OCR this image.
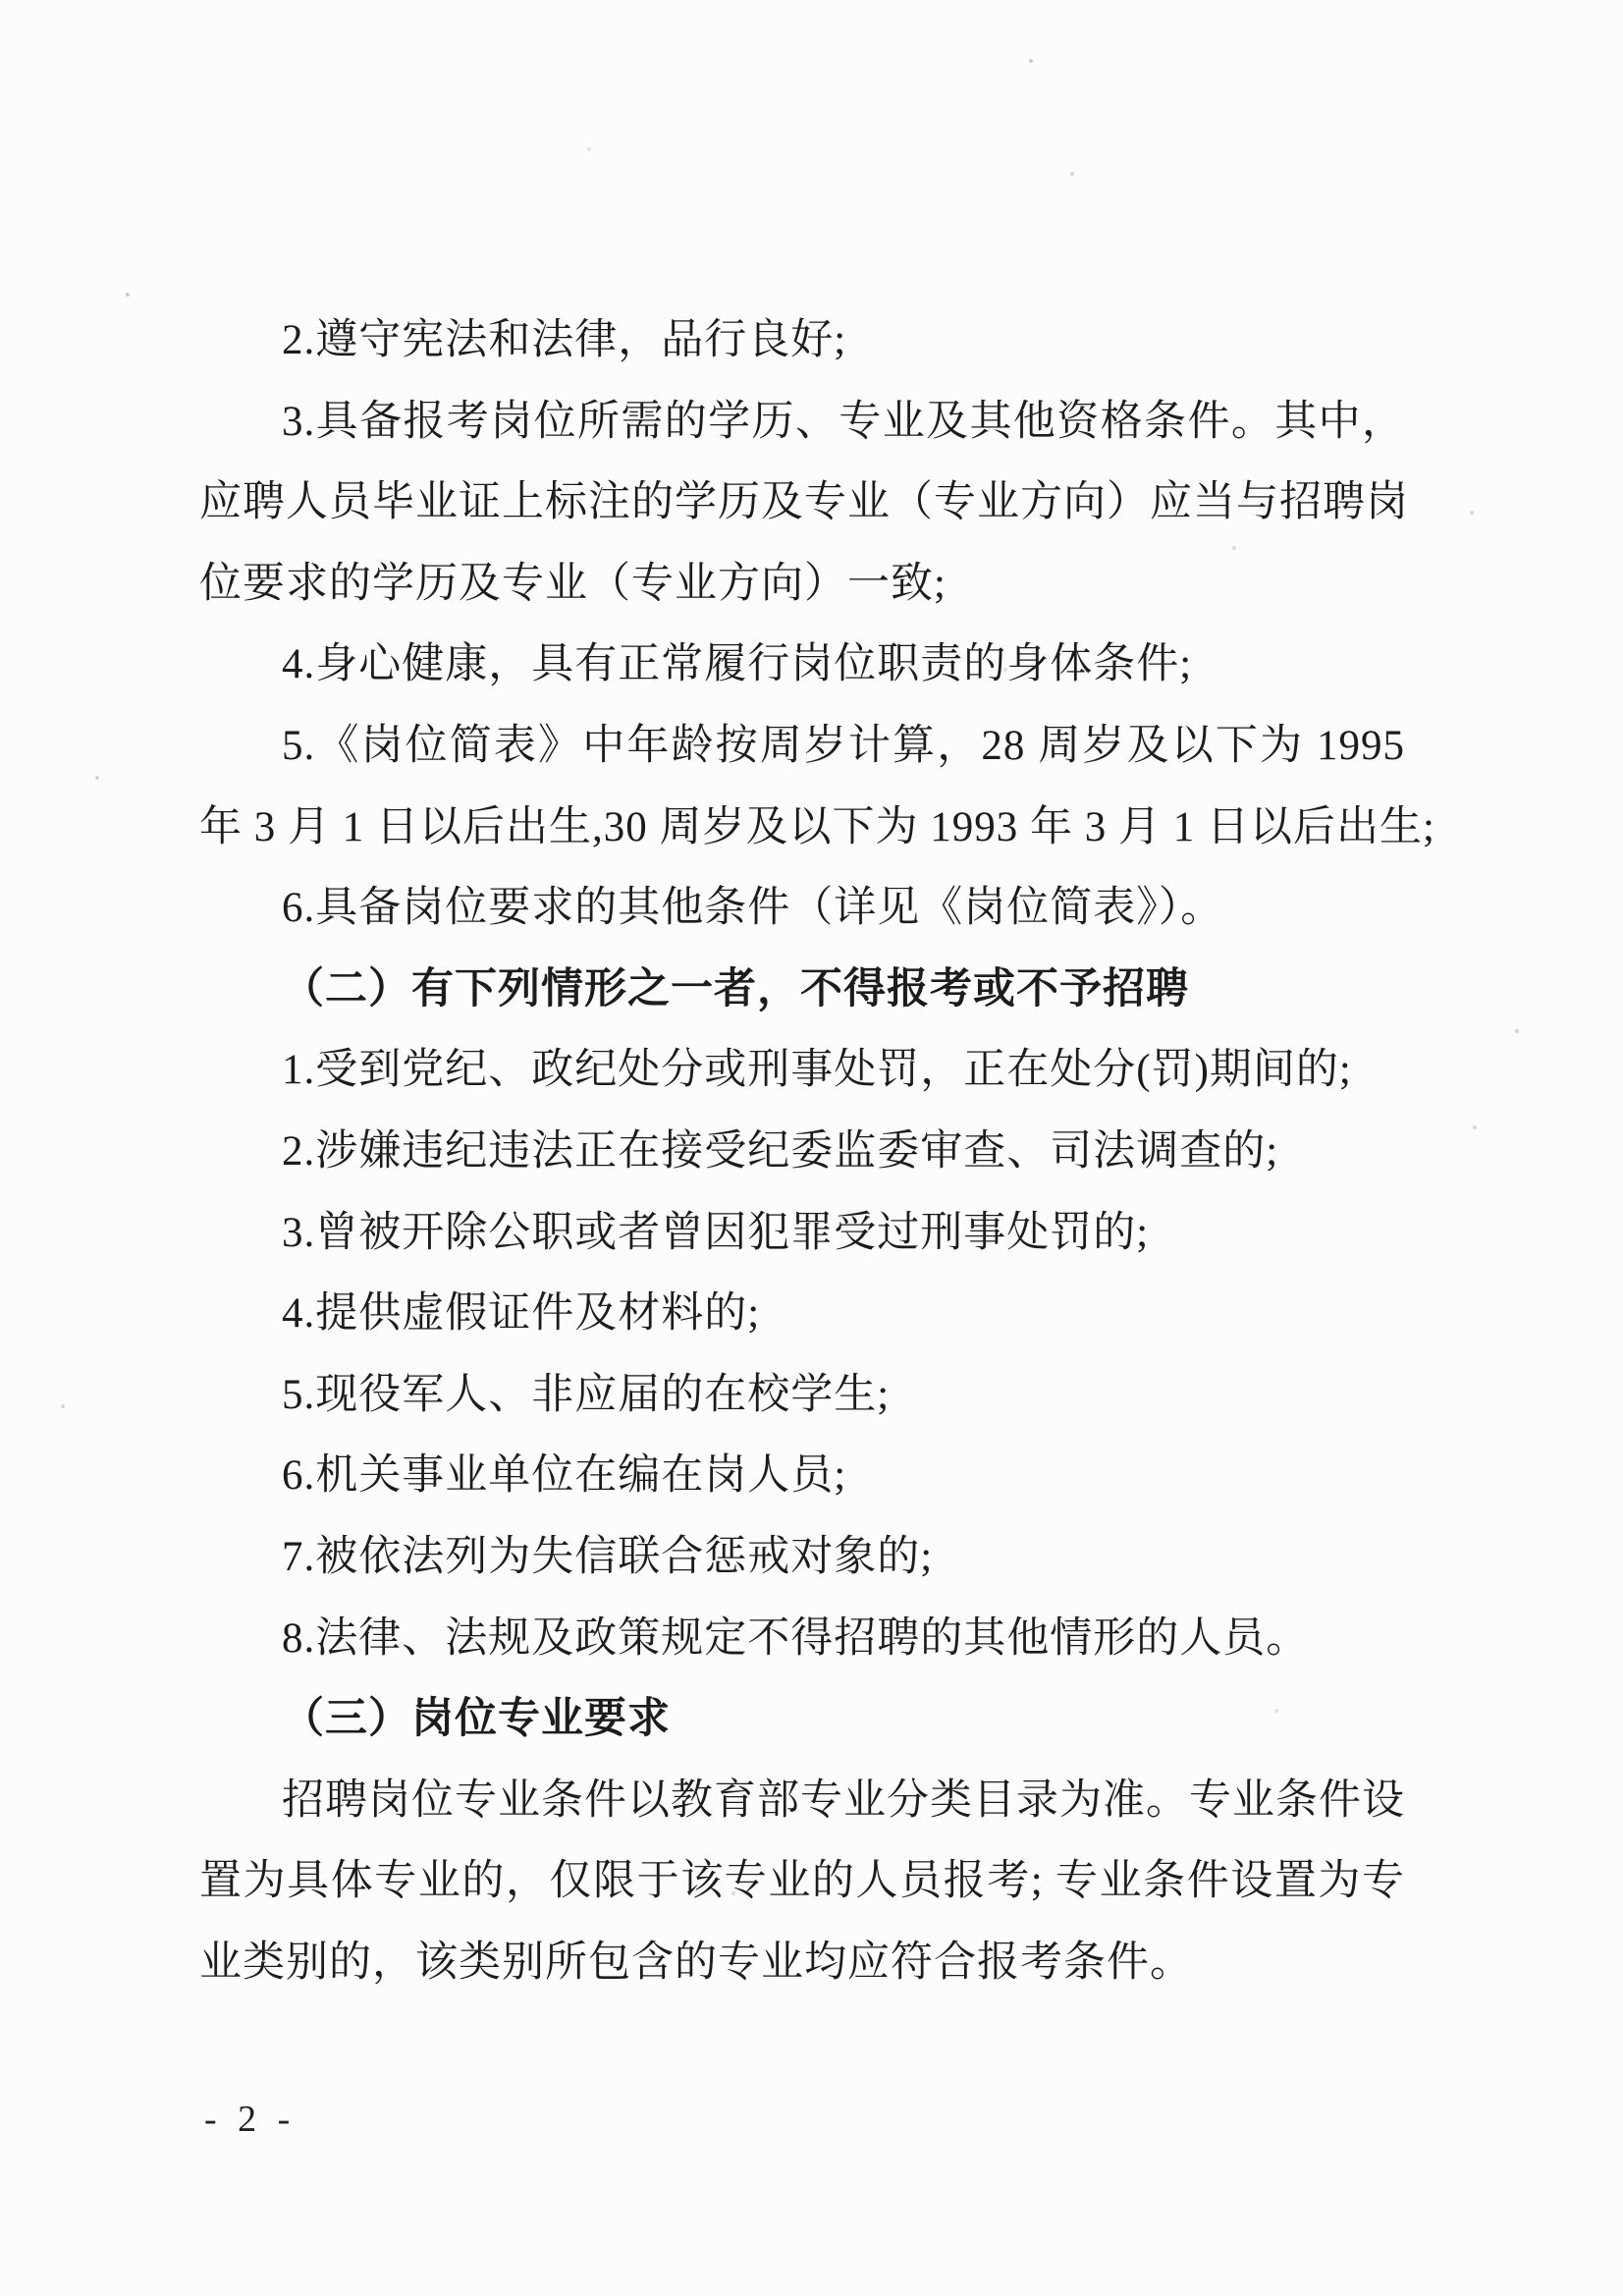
2.遵守宪法和法律，品行良好;
3.具备报考岗位所需的学历、专业及其他资格条件。其中，
应聘人员毕业证上标注的学历及专业（专业方向）应当与招聘岗
位要求的学历及专业（专业方向）一致;
4.身心健康，具有正常履行岗位职责的身体条件;
5.《岗位简表》中年龄按周岁计算，28 周岁及以下为 1995
年 3 月 1 日以后出生,30 周岁及以下为 1993 年 3 月 1 日以后出生;
6.具备岗位要求的其他条件（详见《岗位简表》）。
（二）有下列情形之一者，不得报考或不予招聘
1.受到党纪、政纪处分或刑事处罚，正在处分(罚)期间的;
2.涉嫌违纪违法正在接受纪委监委审查、司法调查的;
3.曾被开除公职或者曾因犯罪受过刑事处罚的;
4.提供虚假证件及材料的;
5.现役军人、非应届的在校学生;
6.机关事业单位在编在岗人员;
7.被依法列为失信联合惩戒对象的;
8.法律、法规及政策规定不得招聘的其他情形的人员。
（三）岗位专业要求
招聘岗位专业条件以教育部专业分类目录为准。专业条件设
置为具体专业的，仅限于该专业的人员报考; 专业条件设置为专
业类别的，该类别所包含的专业均应符合报考条件。
- 2 -
